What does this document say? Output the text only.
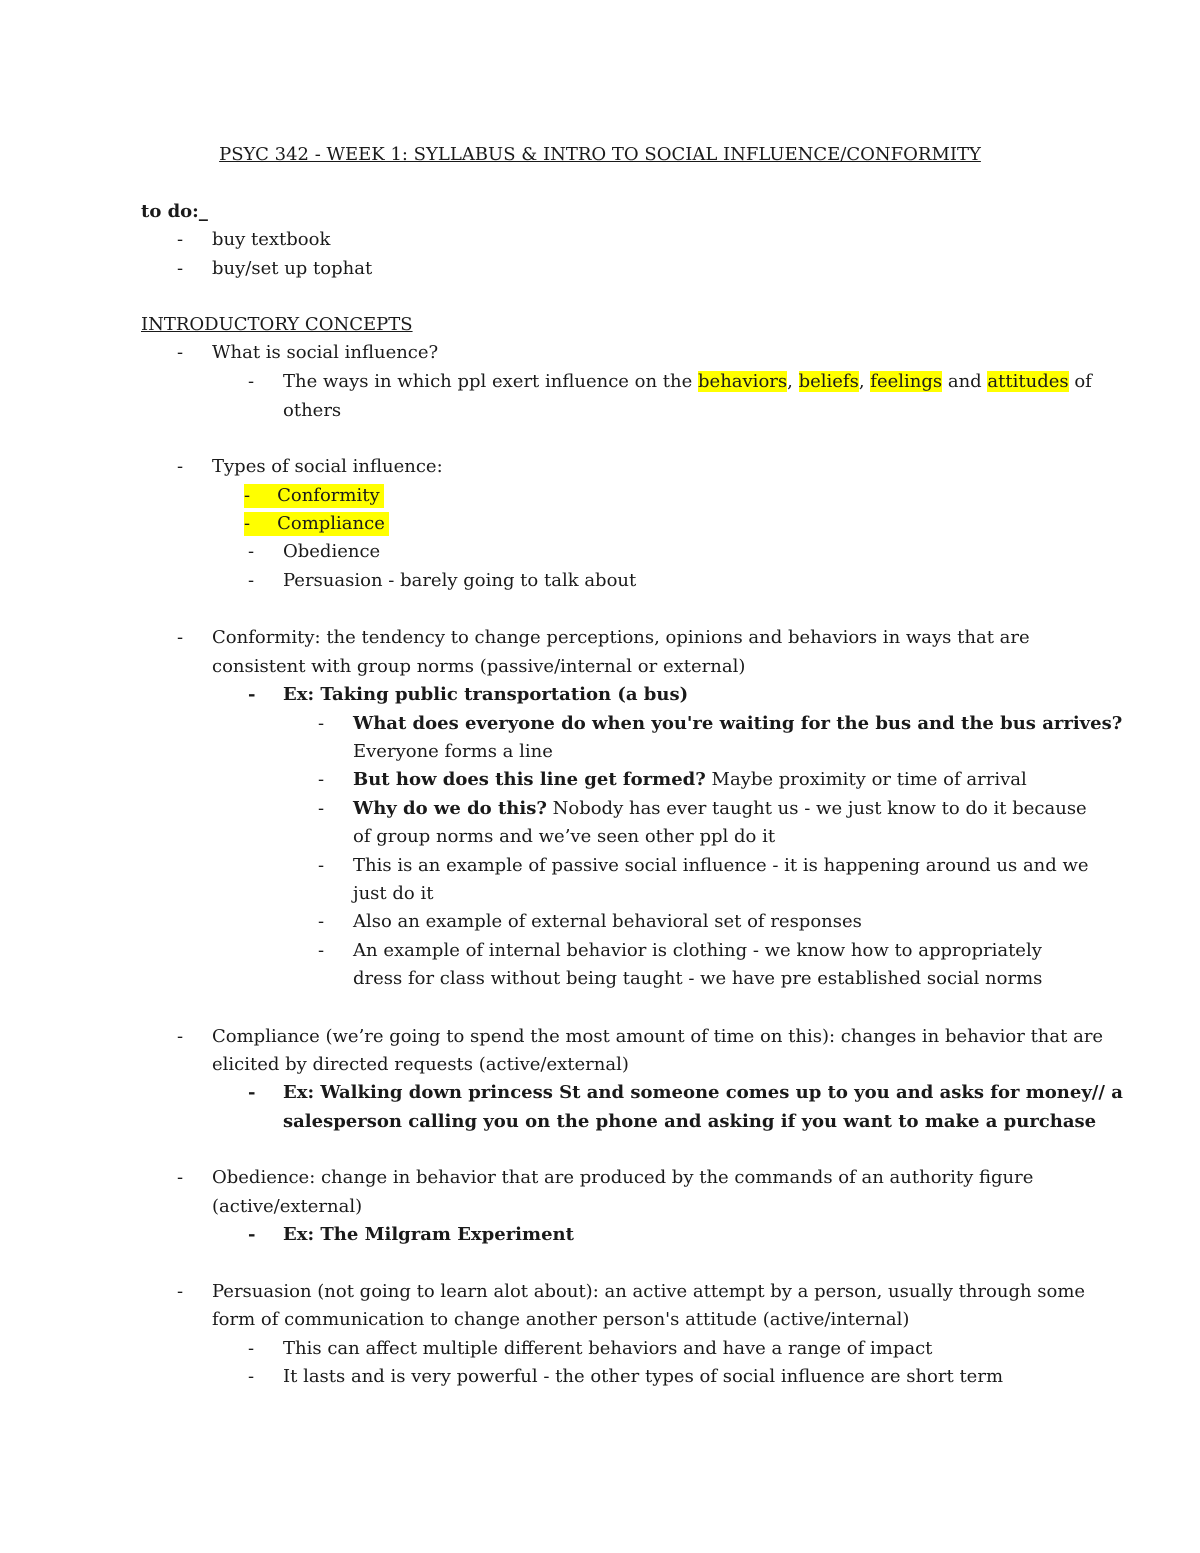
PSYC 342 - WEEK 1: SYLLABUS & INTRO TO SOCIAL INFLUENCE/CONFORMITY
to do:_
- buy textbook
- buy/set up tophat
INTRODUCTORY CONCEPTS
- What is social influence?
- The ways in which ppl exert influence on the behaviors, beliefs, feelings and attitudes of
others
- Types of social influence:
- Conformity
- Compliance
- Obedience
- Persuasion - barely going to talk about
- Conformity: the tendency to change perceptions, opinions and behaviors in ways that are
consistent with group norms (passive/internal or external)
- Ex: Taking public transportation (a bus)
- What does everyone do when you're waiting for the bus and the bus arrives?
Everyone forms a line
- But how does this line get formed? Maybe proximity or time of arrival
- Why do we do this? Nobody has ever taught us - we just know to do it because
of group norms and we’ve seen other ppl do it
- This is an example of passive social influence - it is happening around us and we
just do it
- Also an example of external behavioral set of responses
- An example of internal behavior is clothing - we know how to appropriately
dress for class without being taught - we have pre established social norms
- Compliance (we’re going to spend the most amount of time on this): changes in behavior that are
elicited by directed requests (active/external)
- Ex: Walking down princess St and someone comes up to you and asks for money// a
salesperson calling you on the phone and asking if you want to make a purchase
- Obedience: change in behavior that are produced by the commands of an authority figure
(active/external)
- Ex: The Milgram Experiment
- Persuasion (not going to learn alot about): an active attempt by a person, usually through some
form of communication to change another person's attitude (active/internal)
- This can affect multiple different behaviors and have a range of impact
- It lasts and is very powerful - the other types of social influence are short term
